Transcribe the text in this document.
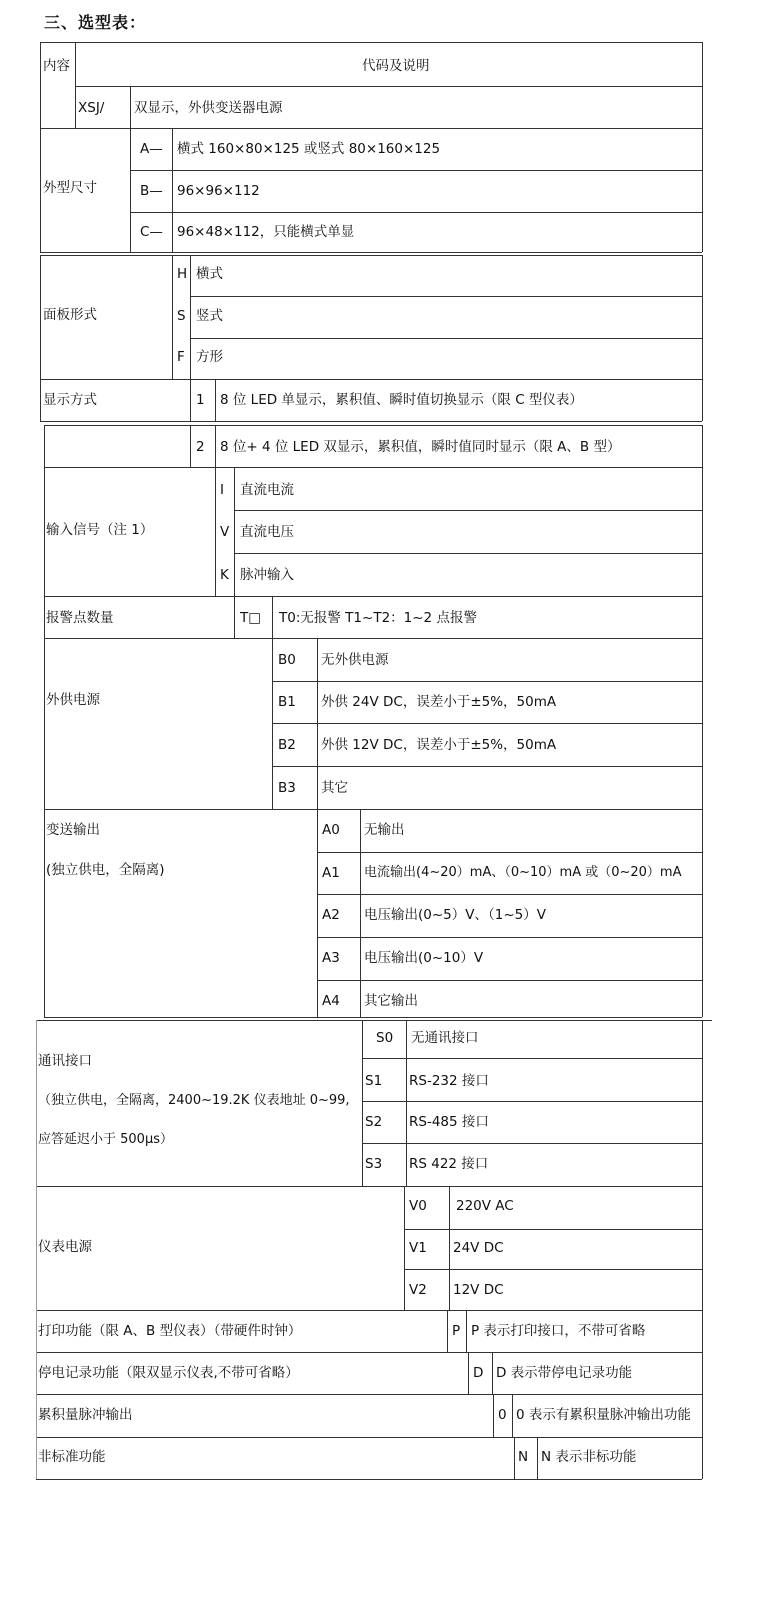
三、选型表：
内容	代码及说明
XSJ/ 双显示，外供变送器电源
外型尺寸
A— 横式 160×80×125 或竖式 80×160×125
B— 96×96×112
C— 96×48×112，只能横式单显
面板形式
H 横式
S 竖式
F 方形
显示方式	1 8 位 LED 单显示，累积值、瞬时值切换显示（限 C 型仪表）
2 8 位+ 4 位 LED 双显示，累积值，瞬时值同时显示（限 A、B 型）
输入信号（注 1）
I 直流电流
V 直流电压
K 脉冲输入
报警点数量	T□ T0:无报警 T1~T2：1~2 点报警
外供电源
B0 无外供电源
B1 外供 24V DC，误差小于±5%，50mA
B2 外供 12V DC，误差小于±5%，50mA
B3 其它
变送输出
(独立供电，全隔离)
A0 无输出
A1 电流输出(4~20）mA、（0~10）mA 或（0~20）mA
A2 电压输出(0~5）V、（1~5）V
A3 电压输出(0~10）V
A4 其它输出
通讯接口
（独立供电，全隔离，2400~19.2K 仪表地址 0~99,
应答延迟小于 500μs）
S0 无通讯接口
S1 RS-232 接口
S2 RS-485 接口
S3 RS 422 接口
仪表电源
V0 220V AC
V1 24V DC
V2 12V DC
打印功能（限 A、B 型仪表）（带硬件时钟）	P P 表示打印接口，不带可省略
停电记录功能（限双显示仪表,不带可省略）	D D 表示带停电记录功能
累积量脉冲输出	0 0 表示有累积量脉冲输出功能
非标准功能	N N 表示非标功能
